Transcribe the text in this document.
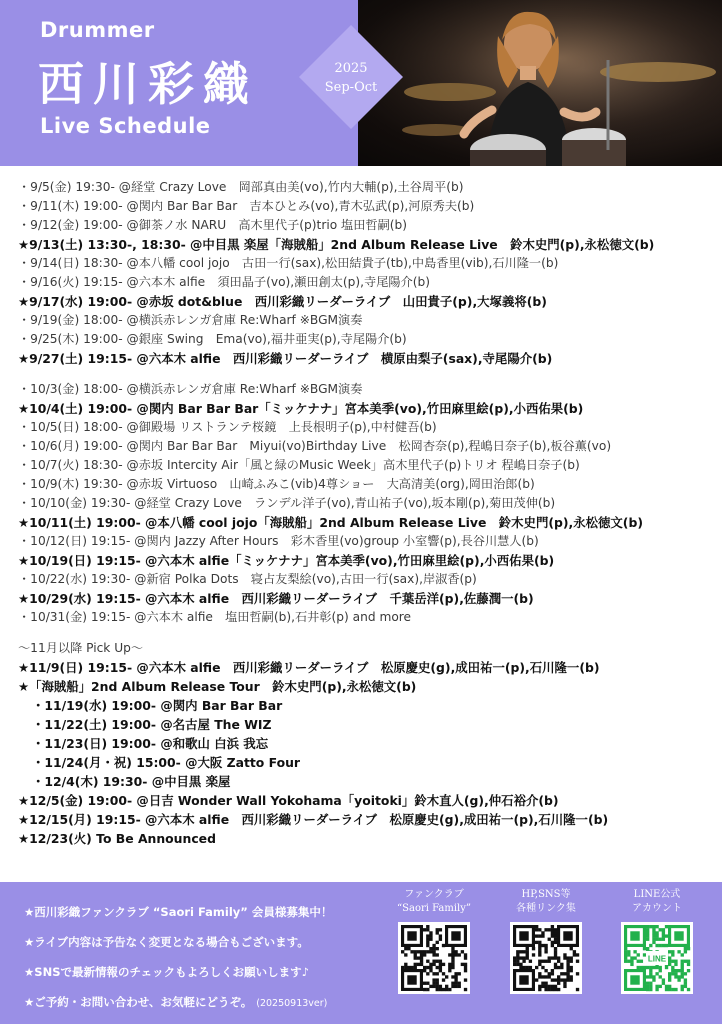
Drummer
西川彩織
Live Schedule
2025
Sep-Oct
・9/5(金) 19:30- @経堂 Crazy Love　岡部真由美(vo),竹内大輔(p),土谷周平(b)
・9/11(木) 19:00- @関内 Bar Bar Bar　吉本ひとみ(vo),青木弘武(p),河原秀夫(b)
・9/12(金) 19:00- @御茶ノ水 NARU　高木里代子(p)trio 塩田哲嗣(b)
★9/13(土) 13:30-, 18:30- @中目黒 楽屋「海賊船」2nd Album Release Live　鈴木史門(p),永松徳文(b)
・9/14(日) 18:30- @本八幡 cool jojo　古田一行(sax),松田結貴子(tb),中島香里(vib),石川隆一(b)
・9/16(火) 19:15- @六本木 alfie　須田晶子(vo),瀬田創太(p),寺尾陽介(b)
★9/17(水) 19:00- @赤坂 dot&blue　西川彩織リーダーライブ　山田貴子(p),大塚義将(b)
・9/19(金) 18:00- @横浜赤レンガ倉庫 Re:Wharf ※BGM演奏
・9/25(木) 19:00- @銀座 Swing　Ema(vo),福井亜実(p),寺尾陽介(b)
★9/27(土) 19:15- @六本木 alfie　西川彩織リーダーライブ　横原由梨子(sax),寺尾陽介(b)
・10/3(金) 18:00- @横浜赤レンガ倉庫 Re:Wharf ※BGM演奏
★10/4(土) 19:00- @関内 Bar Bar Bar「ミッケナナ」宮本美季(vo),竹田麻里絵(p),小西佑果(b)
・10/5(日) 18:00- @御殿場 リストランテ桜鏡　上長根明子(p),中村健吾(b)
・10/6(月) 19:00- @関内 Bar Bar Bar　Miyui(vo)Birthday Live　松岡杏奈(p),程嶋日奈子(b),板谷薫(vo)
・10/7(火) 18:30- @赤坂 Intercity Air「風と緑のMusic Week」高木里代子(p)トリオ 程嶋日奈子(b)
・10/9(木) 19:30- @赤坂 Virtuoso　山崎ふみこ(vib)4尊ショー　大高清美(org),岡田治郎(b)
・10/10(金) 19:30- @経堂 Crazy Love　ランデル洋子(vo),青山祐子(vo),坂本剛(p),菊田茂伸(b)
★10/11(土) 19:00- @本八幡 cool jojo「海賊船」2nd Album Release Live　鈴木史門(p),永松徳文(b)
・10/12(日) 19:15- @関内 Jazzy After Hours　彩木香里(vo)group 小室響(p),長谷川慧人(b)
★10/19(日) 19:15- @六本木 alfie「ミッケナナ」宮本美季(vo),竹田麻里絵(p),小西佑果(b)
・10/22(水) 19:30- @新宿 Polka Dots　寝占友梨絵(vo),古田一行(sax),岸淑香(p)
★10/29(水) 19:15- @六本木 alfie　西川彩織リーダーライブ　千葉岳洋(p),佐藤潤一(b)
・10/31(金) 19:15- @六本木 alfie　塩田哲嗣(b),石井彰(p) and more
〜11月以降 Pick Up〜
★11/9(日) 19:15- @六本木 alfie　西川彩織リーダーライブ　松原慶史(g),成田祐一(p),石川隆一(b)
★「海賊船」2nd Album Release Tour　鈴木史門(p),永松徳文(b)
・11/19(水) 19:00- @関内 Bar Bar Bar
・11/22(土) 19:00- @名古屋 The WIZ
・11/23(日) 19:00- @和歌山 白浜 我忘
・11/24(月・祝) 15:00- @大阪 Zatto Four
・12/4(木) 19:30- @中目黒 楽屋
★12/5(金) 19:00- @日吉 Wonder Wall Yokohama「yoitoki」鈴木直人(g),仲石裕介(b)
★12/15(月) 19:15- @六本木 alfie　西川彩織リーダーライブ　松原慶史(g),成田祐一(p),石川隆一(b)
★12/23(火) To Be Announced
★西川彩織ファンクラブ “Saori Family” 会員様募集中！
★ライブ内容は予告なく変更となる場合もございます。
★SNSで最新情報のチェックもよろしくお願いします♪
★ご予約・お問い合わせ、お気軽にどうぞ。 (20250913ver)
ファンクラブ
“Saori Family”
HP,SNS等
各種リンク集
LINE公式
アカウント
LINE
